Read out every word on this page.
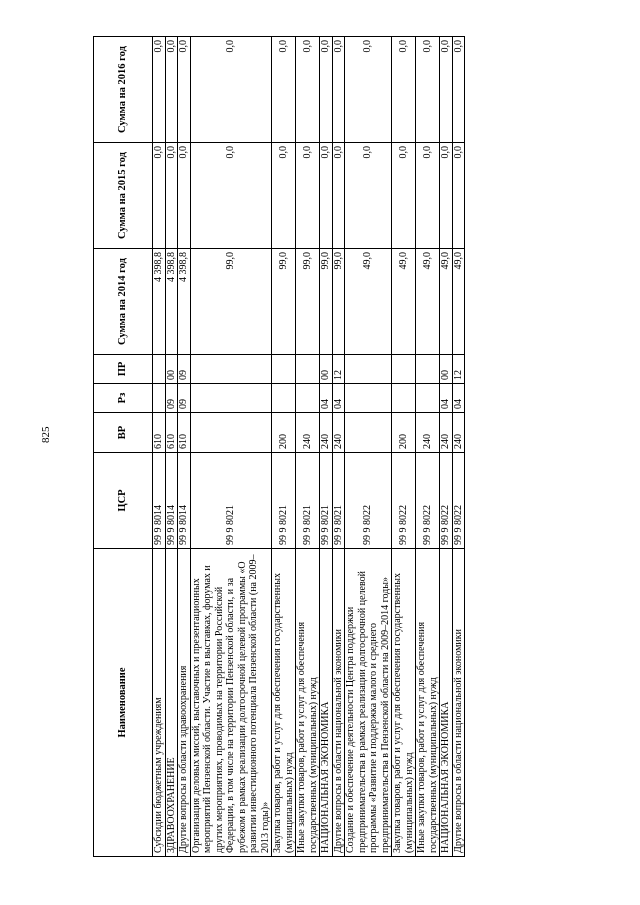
825
Наименование	ЦСР	ВР	Рз	ПР	Сумма на 2014 год	Сумма на 2015 год	Сумма на 2016 год
Субсидии бюджетным учреждениям	99 9 8014	610			4 398,8	0,0	0,0
ЗДРАВООХРАНЕНИЕ	99 9 8014	610	09	00	4 398,8	0,0	0,0
Другие вопросы в области здравоохранения	99 9 8014	610	09	09	4 398,8	0,0	0,0
Организация деловых миссий, выставочных и презентационных мероприятий Пензенской области. Участие в выставках, форумах и других мероприятиях, проводимых на территории Российской Федерации, в том числе на территории Пензенской области, и за рубежом в рамках реализации долгосрочной целевой программы «О развитии инвестиционного потенциала Пензенской области (на 2009–2013 годы)»	99 9 8021				99,0	0,0	0,0
Закупка товаров, работ и услуг для обеспечения государственных (муниципальных) нужд	99 9 8021	200			99,0	0,0	0,0
Иные закупки товаров, работ и услуг для обеспечения государственных (муниципальных) нужд	99 9 8021	240			99,0	0,0	0,0
НАЦИОНАЛЬНАЯ ЭКОНОМИКА	99 9 8021	240	04	00	99,0	0,0	0,0
Другие вопросы в области национальной экономики	99 9 8021	240	04	12	99,0	0,0	0,0
Создание и обеспечение деятельности Центра поддержки предпринимательства в рамках реализации долгосрочной целевой программы «Развитие и поддержка малого и среднего предпринимательства в Пензенской области на 2009–2014 годы»	99 9 8022				49,0	0,0	0,0
Закупка товаров, работ и услуг для обеспечения государственных (муниципальных) нужд	99 9 8022	200			49,0	0,0	0,0
Иные закупки товаров, работ и услуг для обеспечения государственных (муниципальных) нужд	99 9 8022	240			49,0	0,0	0,0
НАЦИОНАЛЬНАЯ ЭКОНОМИКА	99 9 8022	240	04	00	49,0	0,0	0,0
Другие вопросы в области национальной экономики	99 9 8022	240	04	12	49,0	0,0	0,0
